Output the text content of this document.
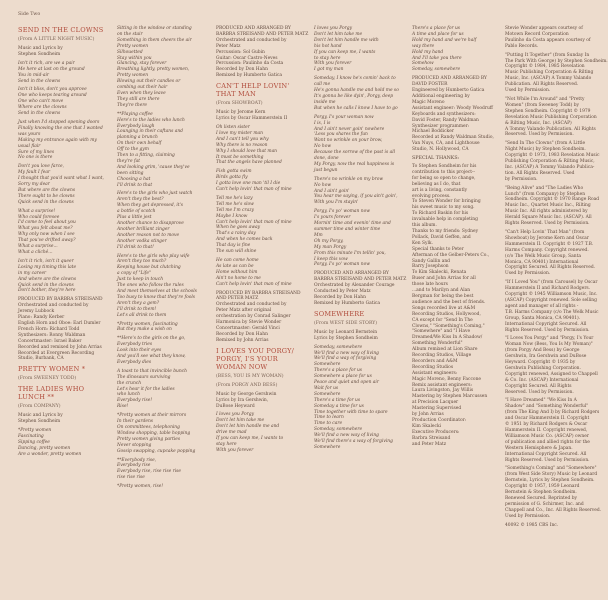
Side Two
SEND IN THE CLOWNS
(From A LITTLE NIGHT MUSIC)
Music and Lyrics by
Stephen Sondheim
Isn't it rich, are we a pair
Me here at last on the ground
You in mid-air
Send in the clowns
Isn't it bliss, don't you approve
One who keeps tearing around
One who can't move
Where are the clowns
Send in the clowns
Just when I'd stopped opening doors
Finally knowing the one that I wanted
was yours
Making my entrance again with my
usual flair
Sure of my lines
No one is there
Don't you love farce,
My fault I fear
I thought that you'd want what I want,
Sorry my dear
But where are the clowns
There ought to be clowns
Quick send in the clowns
What a surprise!
Who could foresee
I'd come to feel about you
What you felt about me?
Why only now when I see
That you've drifted away?
What a surprise...
What a cliché...
Isn't it rich, isn't it queer
Losing my timing this late
in my career
And where are the clowns
Quick send in the clowns
Don't bother, they're here
PRODUCED BY BARBRA STREISAND
Orchestrated and conducted by
Jeremy Lubbock
Piano: Randy Kerber
English Horn and Oboe: Earl Dumler
French Horn: Richard Todd
Synthesizers: Ronny Waldman
Concertmaster: Israel Baker
Recorded and remixed by John Arrias
Recorded at Evergreen Recording
Studio, Burbank, CA
PRETTY WOMEN *
(From SWEENEY TODD)
THE LADIES WHO LUNCH **
(From COMPANY)
Music and Lyrics by
Stephen Sondheim
*Pretty women
Fascinating
Sipping coffee
Dancing, pretty women
Are a wonder, pretty women
Sitting in the window or standing
on the stair
Something in them cheers the air
Pretty women
Silhouetted
Stay within you
Glancing, stay forever
Breathing lightly, pretty women,
Pretty women
Blowing out their candles or
combing out their hair
Even when they leave
They still are there
They're there
**Playing coffee
Here's to the ladies who lunch
Everybody laugh
Lounging in their caftans and
planning a brunch
On their own behalf
Off to the gym
Then to a fitting, claiming
they're fat
And looking grim, 'cause they've
been sitting
Choosing a hat
I'll drink to that
Here's to the girls who just watch
Aren't they the best?
When they get depressed, it's
a bottle of scotch
Plus a little jest
Another chance to disapprove
Another brilliant zinger
Another reason not to move
Another vodka stinger
I'll drink to that!
Here's to the girls who play wife
Aren't they too much?
Keeping house but clutching
a copy of "Life"
Just to keep in touch
The ones who follow the rules
And meet themselves at the schools
Too busy to know that they're fools
Aren't they a gem?
I'll drink to them!
Let's all drink to them
*Pretty women, fascinating
But they make a wish on
**Here's to the girls on the go,
Everybody tries
Look into their eyes
And you'll see what they know,
Everybody dies
A toast to that invincible bunch
The dinosaurs surviving
the crunch
Let's hear it for the ladies
who lunch
Everybody rise!
Rise!
*Pretty women at their mirrors
In their gardens
On committees, telephoning
Window shopping, table hopping
Pretty women giving parties
Never stopping
Gossip swapping, cupcake popping
**Everybody rise,
Everybody rise
Everybody rise, rise rise rise
rise rise rise
*Pretty women, rise!
PRODUCED AND ARRANGED BY
BARBRA STREISAND AND PETER MATZ
Orchestrated and conducted by
Peter Matz
Percussion: Sol Gubin
Guitar: Oscar Castro-Neves
Percussion: Paulinho da Costa
Recorded by Don Hahn
Remixed by Humberto Gatica
CAN'T HELP LOVIN' THAT MAN
(From SHOWBOAT)
Music by Jerome Kern
Lyrics by Oscar Hammerstein II
Oh listen sister
I love my mister man
And I can't tell you why
Why there is no reason
Why I should love that man
It must be something
That the angels have planned
Fish gotta swim
Birds gotta fly
I gotta love one man 'til I die
Can't help lovin' that man of mine
Tell me he's lazy
Tell me he's slow
Tell me I'm crazy
Maybe I know
Can't help lovin' that man of mine
When he goes away
That's a rainy day
And when he comes back
That day is fine
The sun will shine
He can come home
As late as can be
Home without him
Ain't no home to me
Can't help lovin' that man of mine
PRODUCED BY BARBRA STREISAND
AND PETER MATZ
Orchestrated and conducted by
Peter Matz after original
orchestration by Conrad Salinger
Harmonica by Stevie Wonder
Concertmaster: Gerald Vinci
Recorded by Don Hahn
Remixed by John Arrias
I LOVES YOU PORGY/ PORGY, I'S YOUR WOMAN NOW
(BESS, YOU IS MY WOMAN)
(From PORGY AND BESS)
Music by George Gershwin
Lyrics by Ira Gershwin,
DuBose Heyward
I loves you Porgy
Don't let him take me
Don't let him handle me and
drive me mad
If you can keep me, I wants to
stay here
With you forever
I loves you Porgy
Don't let him take me
Don't let him handle me with
his hot hand
If you can keep me, I wants
to stay here
With you forever
I got my man
Someday, I know he's comin' back to
call me
He's gonna handle me and hold me so
It's gonna be like dyin', Porgy, deep
inside me
But when he calls I know I have to go
Porgy, I's your woman now
I is, I is
And I ain't never goin' nowhere
'Less you shares the fun
Want no wrinkle on your brow,
No how
Because the sorrow of the past is all
done, done
My Porgy, now the real happiness is
just begun
There's no wrinkle on my brow
No how
And I ain't goin'
You hear me saying, if you ain't goin',
With you I'm stayin'
Porgy, I's yo' woman now
I's yours forever
Mornin' time and evenin' time and
summer time and winter time
Mm
Oh my Porgy,
My man Porgy
From this minute I'm tellin' you,
I keep this vow
Porgy, I's yo' woman now
PRODUCED AND ARRANGED BY
BARBRA STREISAND AND PETER MATZ
Orchestrated by Alexander Courage
Conducted by Peter Matz
Recorded by Don Hahn
Remixed by Humberto Gatica
SOMEWHERE
(From WEST SIDE STORY)
Music by Leonard Bernstein
Lyrics by Stephen Sondheim
Someday, somewhere
We'll find a new way of living
We'll find a way of forgiving
Somewhere
There's a place for us
Somewhere a place for us
Peace and quiet and open air
Wait for us
Somewhere
There's a time for us
Someday a time for us
Time together with time to spare
Time to learn
Time to care
Someday, somewhere
We'll find a new way of living
We'll find there's a way of forgiving
Somewhere
There's a place for us
A time and place for us
Hold my hand and we're half
way there
Hold my hand
And I'll take you there
Somehow
Someday, somewhere
PRODUCED AND ARRANGED BY
DAVID FOSTER
Engineered by Humberto Gatica
Additional engineering by
Magic Moreno
Assistant engineer: Woody Woodruff
Keyboards and synthesizers:
David Foster, Randy Waldman
Synthesizer programmer:
Michael Boddicker
Recorded at Randy Waldman Studio,
Van Nuys, CA, and Lighthouse
Studio, N. Hollywood, CA
SPECIAL THANKS:
To Stephen Sondheim for his
contribution to this project--
for being so open to change,
believing as I do, that
art is a living, constantly
evolving process.
To Steven Wonder for bringing
his sweet music to my song.
To Richard Baskin for his
invaluable help in completing
this album.
Thanks to my friends: Sydney
Pollack, David Geffen, and
Ken Sylk.
Special thanks to Peter
Afterman of the Gelber-Peters Co.,
Sandy Gallin and
Barry Josephson
To Kim Skalecki, Renata
Buser and John Arrias for all
those late hours
...and to Marilyn and Alan
Bergman for being the best
audience and the best of friends.
Songs recorded live at A&M
Recording Studios, Hollywood,
CA except for "Send In The
Clowns," "Something's Coming,"
"Somewhere" and "I Have
Dreamed/We Kiss In A Shadow/
Something Wonderful"
Album remixed at Lion Share
Recording Studios, Village
Recorders and A&M
Recording Studios
Assistant engineers:
Magic Moreno, Benny Faccone
Remix assistant engineers:
Laura Livingston, Jay Willis
Mastering by Stephen Marcussen
at Precision Lacquer
Mastering Supervised
by John Arrias
Production Coordinator:
Kim Skalecki
Executive Producers:
Barbra Streisand
and Peter Matz
Stevie Wonder appears courtesy of
Motown Record Corporation
Paulinho da Costa appears courtesy of
Pablo Records.
"Putting It Together" (from Sunday In
The Park With George) by Stephen Sondheim.
Copyright © 1984, 1985 Revelation
Music Publishing Corporation & Rilting
Music, Inc. (ASCAP) A Tommy Valando
Publication. All Rights Reserved.
Used by Permission.
"Not While I'm Around" and "Pretty
Women" (from Sweeney Todd) by
Stephen Sondheim. Copyright © 1979
Revelation Music Publishing Corporation
& Rilting Music, Inc. (ASCAP)
A Tommy Valando Publication. All Rights
Reserved. Used by Permission.
"Send In The Clowns" (from A Little
Night Music) by Stephen Sondheim.
Copyright © 1973, 1983 Revelation Music
Publishing Corporation & Rilting Music,
Inc. (ASCAP) A Tommy Valando Publica-
tion. All Rights Reserved. Used
by Permission.
"Being Alive" and "The Ladies Who
Lunch" (from Company) by Stephen
Sondheim. Copyright © 1970 Range Road
Music Inc., Quartet Music Inc., Rilting
Music Inc. All rights administered by
Herald Square Music Inc. (ASCAP). All
Rights Reserved. Used by Permission.
"Can't Help Lovin' That Man" (from
Showboat) by Jerome Kern and Oscar
Hammerstein II. Copyright © 1927 T.B.
Harms Company. Copyright renewed.
(c/o The Welk Music Group, Santa
Monica, CA 90401) International
Copyright Secured. All Rights Reserved.
Used by Permission.
"If I Loved You" (from Carousel) by Oscar
Hammerstein II and Richard Rodgers.
Copyright © 1945 Williamson Music, Inc.
(ASCAP) Copyright renewed. Sole selling
agent and manager of all rights -
T.B. Harms Company (c/o The Welk Music
Group, Santa Monica, CA 90401).
International Copyright Secured. All
Rights Reserved. Used by Permission.
"I Loves You Porgy" and "Porgy, I's Your
Woman Now (Bess, You Is My Woman)"
(from Porgy And Bess) by George
Gershwin, Ira Gershwin and DuBose
Heyward. Copyright © 1935 by
Gershwin Publishing Corporation.
Copyright renewed, Assigned to Chappell
& Co. Inc. (ASCAP) International
Copyright Secured. All Rights
Reserved. Used by Permission.
"I Have Dreamed" "We Kiss In A
Shadow" and "Something Wonderful"
(from The King And I) by Richard Rodgers
and Oscar Hammerstein II. Copyright
© 1951 by Richard Rodgers & Oscar
Hammerstein II. Copyright renewed,
Williamson Music Co. (ASCAP) owner
of publication and allied rights for the
Western Hemisphere & Japan.
International Copyright Secured. All
Rights Reserved. Used by Permission.
"Something's Coming" and "Somewhere"
(from West Side Story) Music by Leonard
Bernstein, Lyrics by Stephen Sondheim.
Copyright © 1957, 1959 Leonard
Bernstein & Stephen Sondheim.
Renewed Secured. Reprinted by
permission of G. Schirmer, Inc. and
Chappell and Co., Inc. All Rights Reserved.
Used by Permission.
40092 © 1985 CBS Inc.
